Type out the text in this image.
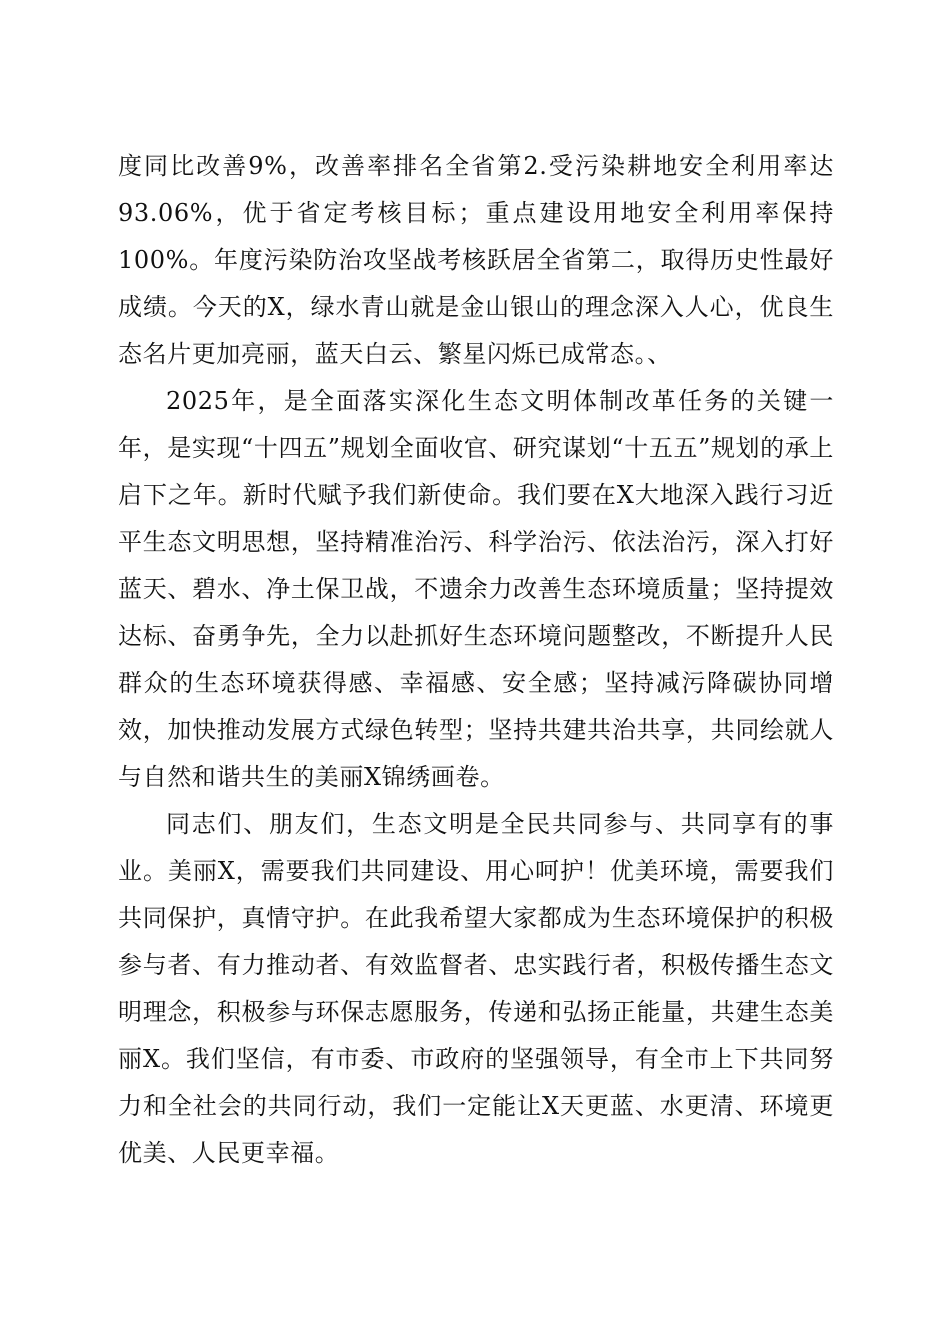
度同比改善9%，改善率排名全省第2.受污染耕地安全利用率达93.06%，优于省定考核目标；重点建设用地安全利用率保持100%。年度污染防治攻坚战考核跃居全省第二，取得历史性最好成绩。今天的X，绿水青山就是金山银山的理念深入人心，优良生态名片更加亮丽，蓝天白云、繁星闪烁已成常态。、

2025年，是全面落实深化生态文明体制改革任务的关键一年，是实现“十四五”规划全面收官、研究谋划“十五五”规划的承上启下之年。新时代赋予我们新使命。我们要在X大地深入践行习近平生态文明思想，坚持精准治污、科学治污、依法治污，深入打好蓝天、碧水、净土保卫战，不遗余力改善生态环境质量；坚持提效达标、奋勇争先，全力以赴抓好生态环境问题整改，不断提升人民群众的生态环境获得感、幸福感、安全感；坚持减污降碳协同增效，加快推动发展方式绿色转型；坚持共建共治共享，共同绘就人与自然和谐共生的美丽X锦绣画卷。

同志们、朋友们，生态文明是全民共同参与、共同享有的事业。美丽X，需要我们共同建设、用心呵护！优美环境，需要我们共同保护，真情守护。在此我希望大家都成为生态环境保护的积极参与者、有力推动者、有效监督者、忠实践行者，积极传播生态文明理念，积极参与环保志愿服务，传递和弘扬正能量，共建生态美丽X。我们坚信，有市委、市政府的坚强领导，有全市上下共同努力和全社会的共同行动，我们一定能让X天更蓝、水更清、环境更优美、人民更幸福。
